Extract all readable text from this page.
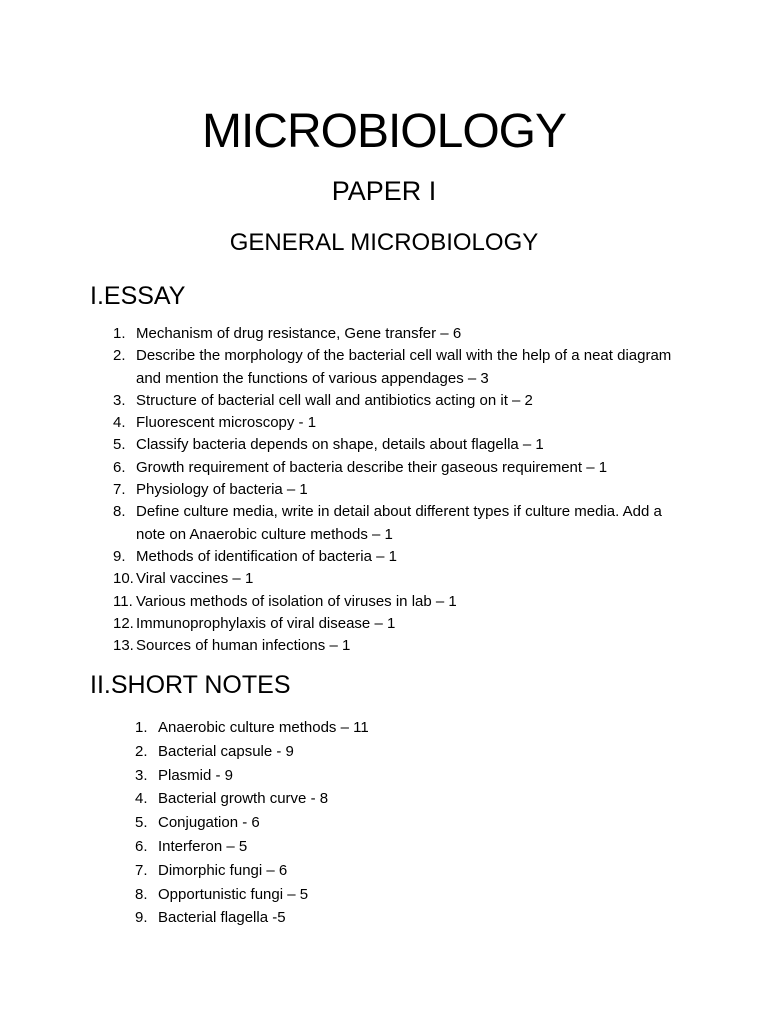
MICROBIOLOGY
PAPER I
GENERAL MICROBIOLOGY
I.ESSAY
1. Mechanism of drug resistance, Gene transfer – 6
2. Describe the morphology of the bacterial cell wall with the help of a neat diagram and mention the functions of various appendages – 3
3. Structure of bacterial cell wall and antibiotics acting on it – 2
4. Fluorescent microscopy - 1
5. Classify bacteria depends on shape, details about flagella – 1
6. Growth requirement of bacteria describe their gaseous requirement – 1
7. Physiology of bacteria – 1
8. Define culture media, write in detail about different types if culture media. Add a note on Anaerobic culture methods – 1
9. Methods of identification of bacteria – 1
10. Viral vaccines – 1
11. Various methods of isolation of viruses in lab – 1
12. Immunoprophylaxis of viral disease – 1
13. Sources of human infections – 1
II.SHORT NOTES
1. Anaerobic culture methods – 11
2. Bacterial capsule - 9
3. Plasmid - 9
4. Bacterial growth curve - 8
5. Conjugation - 6
6. Interferon – 5
7. Dimorphic fungi – 6
8. Opportunistic fungi – 5
9. Bacterial flagella -5
